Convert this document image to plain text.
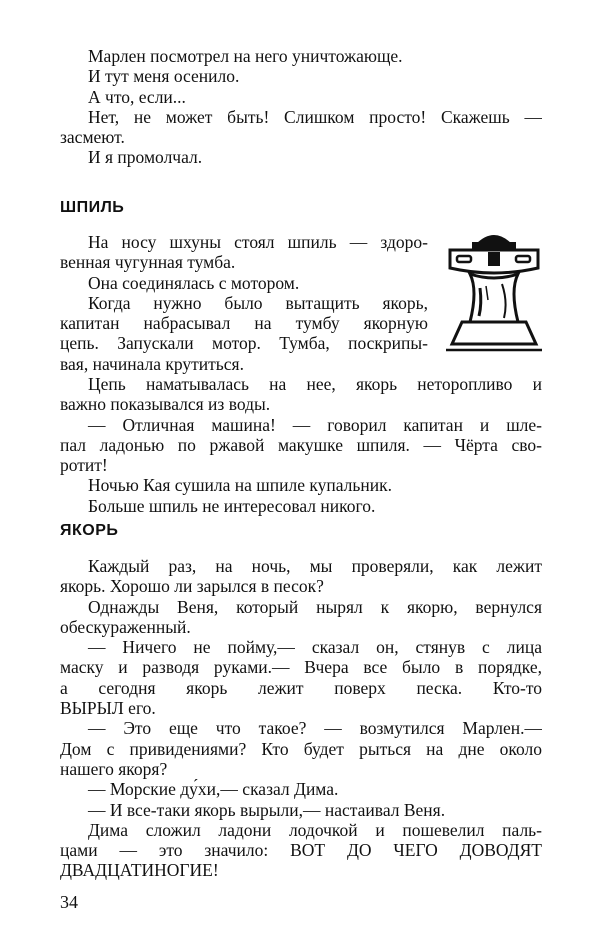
Марлен посмотрел на него уничтожающе.
И тут меня осенило.
А что, если...
Нет, не может быть! Слишком просто! Скажешь —
засмеют.
И я промолчал.
ШПИЛЬ
На носу шхуны стоял шпиль — здоро-
венная чугунная тумба.
Она соединялась с мотором.
Когда нужно было вытащить якорь,
капитан набрасывал на тумбу якорную
цепь. Запускали мотор. Тумба, поскрипы-
вая, начинала крутиться.
Цепь наматывалась на нее, якорь неторопливо и
важно показывался из воды.
— Отличная машина! — говорил капитан и шле-
пал ладонью по ржавой макушке шпиля. — Чёрта сво-
ротит!
Ночью Кая сушила на шпиле купальник.
Больше шпиль не интересовал никого.
ЯКОРЬ
Каждый раз, на ночь, мы проверяли, как лежит
якорь. Хорошо ли зарылся в песок?
Однажды Веня, который нырял к якорю, вернулся
обескураженный.
— Ничего не пойму,— сказал он, стянув с лица
маску и разводя руками.— Вчера все было в порядке,
а сегодня якорь лежит поверх песка. Кто-то
ВЫРЫЛ его.
— Это еще что такое? — возмутился Марлен.—
Дом с привидениями? Кто будет рыться на дне около
нашего якоря?
— Морские ду́хи,— сказал Дима.
— И все-таки якорь вырыли,— настаивал Веня.
Дима сложил ладони лодочкой и пошевелил паль-
цами — это значило: ВОТ ДО ЧЕГО ДОВОДЯТ
ДВАДЦАТИНОГИЕ!
34
